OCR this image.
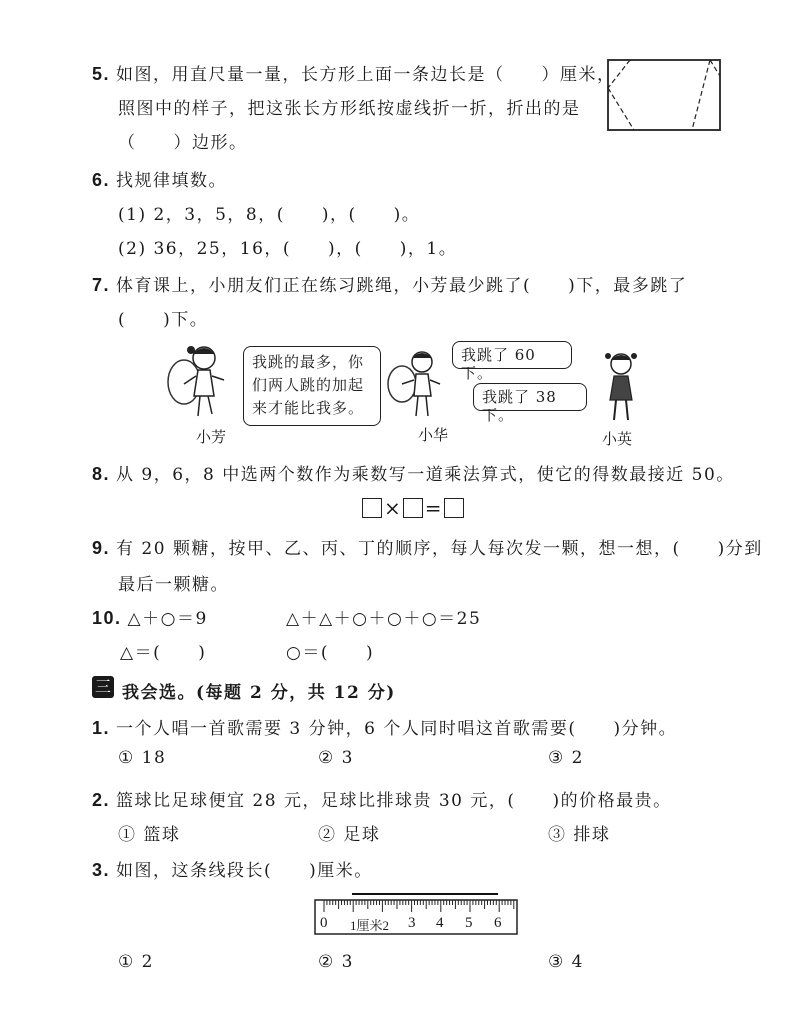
5. 如图，用直尺量一量，长方形上面一条边长是（　　）厘米，
照图中的样子，把这张长方形纸按虚线折一折，折出的是
（　　）边形。
6. 找规律填数。
(1) 2，3，5，8，(　　)，(　　)。
(2) 36，25，16，(　　)，(　　)，1。
7. 体育课上，小朋友们正在练习跳绳，小芳最少跳了(　　)下，最多跳了
(　　)下。
我跳的最多，你
们两人跳的加起
来才能比我多。
小芳
我跳了 60 下。
小华
我跳了 38 下。
小英
8. 从 9，6，8 中选两个数作为乘数写一道乘法算式，使它的得数最接近 50。
× =
9. 有 20 颗糖，按甲、乙、丙、丁的顺序，每人每次发一颗，想一想，(　　)分到
最后一颗糖。
10. △＋○＝9	△＋△＋○＋○＋○＝25
△＝(　　)	○＝(　　)
三 我会选。(每题 2 分，共 12 分)
1. 一个人唱一首歌需要 3 分钟，6 个人同时唱这首歌需要(　　)分钟。
① 18	② 3	③ 2
2. 篮球比足球便宜 28 元，足球比排球贵 30 元，(　　)的价格最贵。
① 篮球	② 足球	③ 排球
3. 如图，这条线段长(　　)厘米。
0 1厘米2 3 4 5 6
① 2	② 3	③ 4
